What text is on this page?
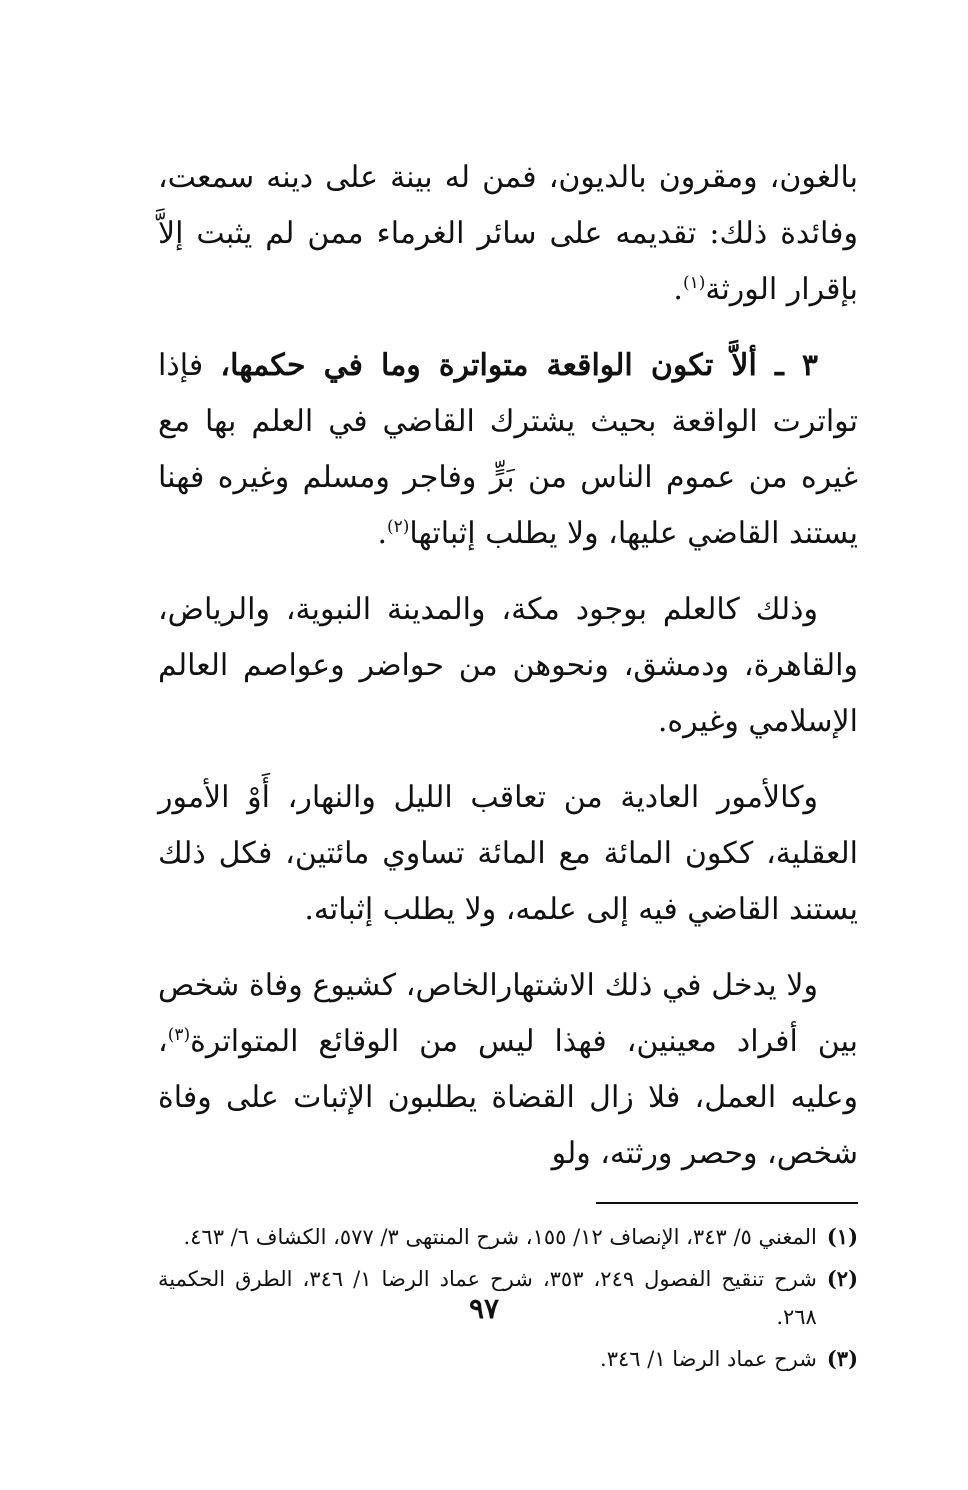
بالغون، ومقرون بالديون، فمن له بينة على دينه سمعت، وفائدة ذلك: تقديمه على سائر الغرماء ممن لم يثبت إلاَّ بإقرار الورثة$^{(١)}$.

٣ ـ ألاَّ تكون الواقعة متواترة وما في حكمها، فإذا تواترت الواقعة بحيث يشترك القاضي في العلم بها مع غيره من عموم الناس من بَرٍّ وفاجر ومسلم وغيره فهنا يستند القاضي عليها، ولا يطلب إثباتها$^{(٢)}$.

وذلك كالعلم بوجود مكة، والمدينة النبوية، والرياض، والقاهرة، ودمشق، ونحوهن من حواضر وعواصم العالم الإسلامي وغيره.

وكالأمور العادية من تعاقب الليل والنهار، أَوْ الأمور العقلية، ككون المائة مع المائة تساوي مائتين، فكل ذلك يستند القاضي فيه إلى علمه، ولا يطلب إثباته.

ولا يدخل في ذلك الاشتهارالخاص، كشيوع وفاة شخص بين أفراد معينين، فهذا ليس من الوقائع المتواترة$^{(٣)}$، وعليه العمل، فلا زال القضاة يطلبون الإثبات على وفاة شخص، وحصر ورثته، ولو

(١)
المغني ٥/ ٣٤٣، الإنصاف ١٢/ ١٥٥، شرح المنتهى ٣/ ٥٧٧، الكشاف ٦/ ٤٦٣.
(٢)
شرح تنقيح الفصول ٢٤٩، ٣٥٣، شرح عماد الرضا ١/ ٣٤٦، الطرق الحكمية ٢٦٨.
(٣)
شرح عماد الرضا ١/ ٣٤٦.
٩٧
